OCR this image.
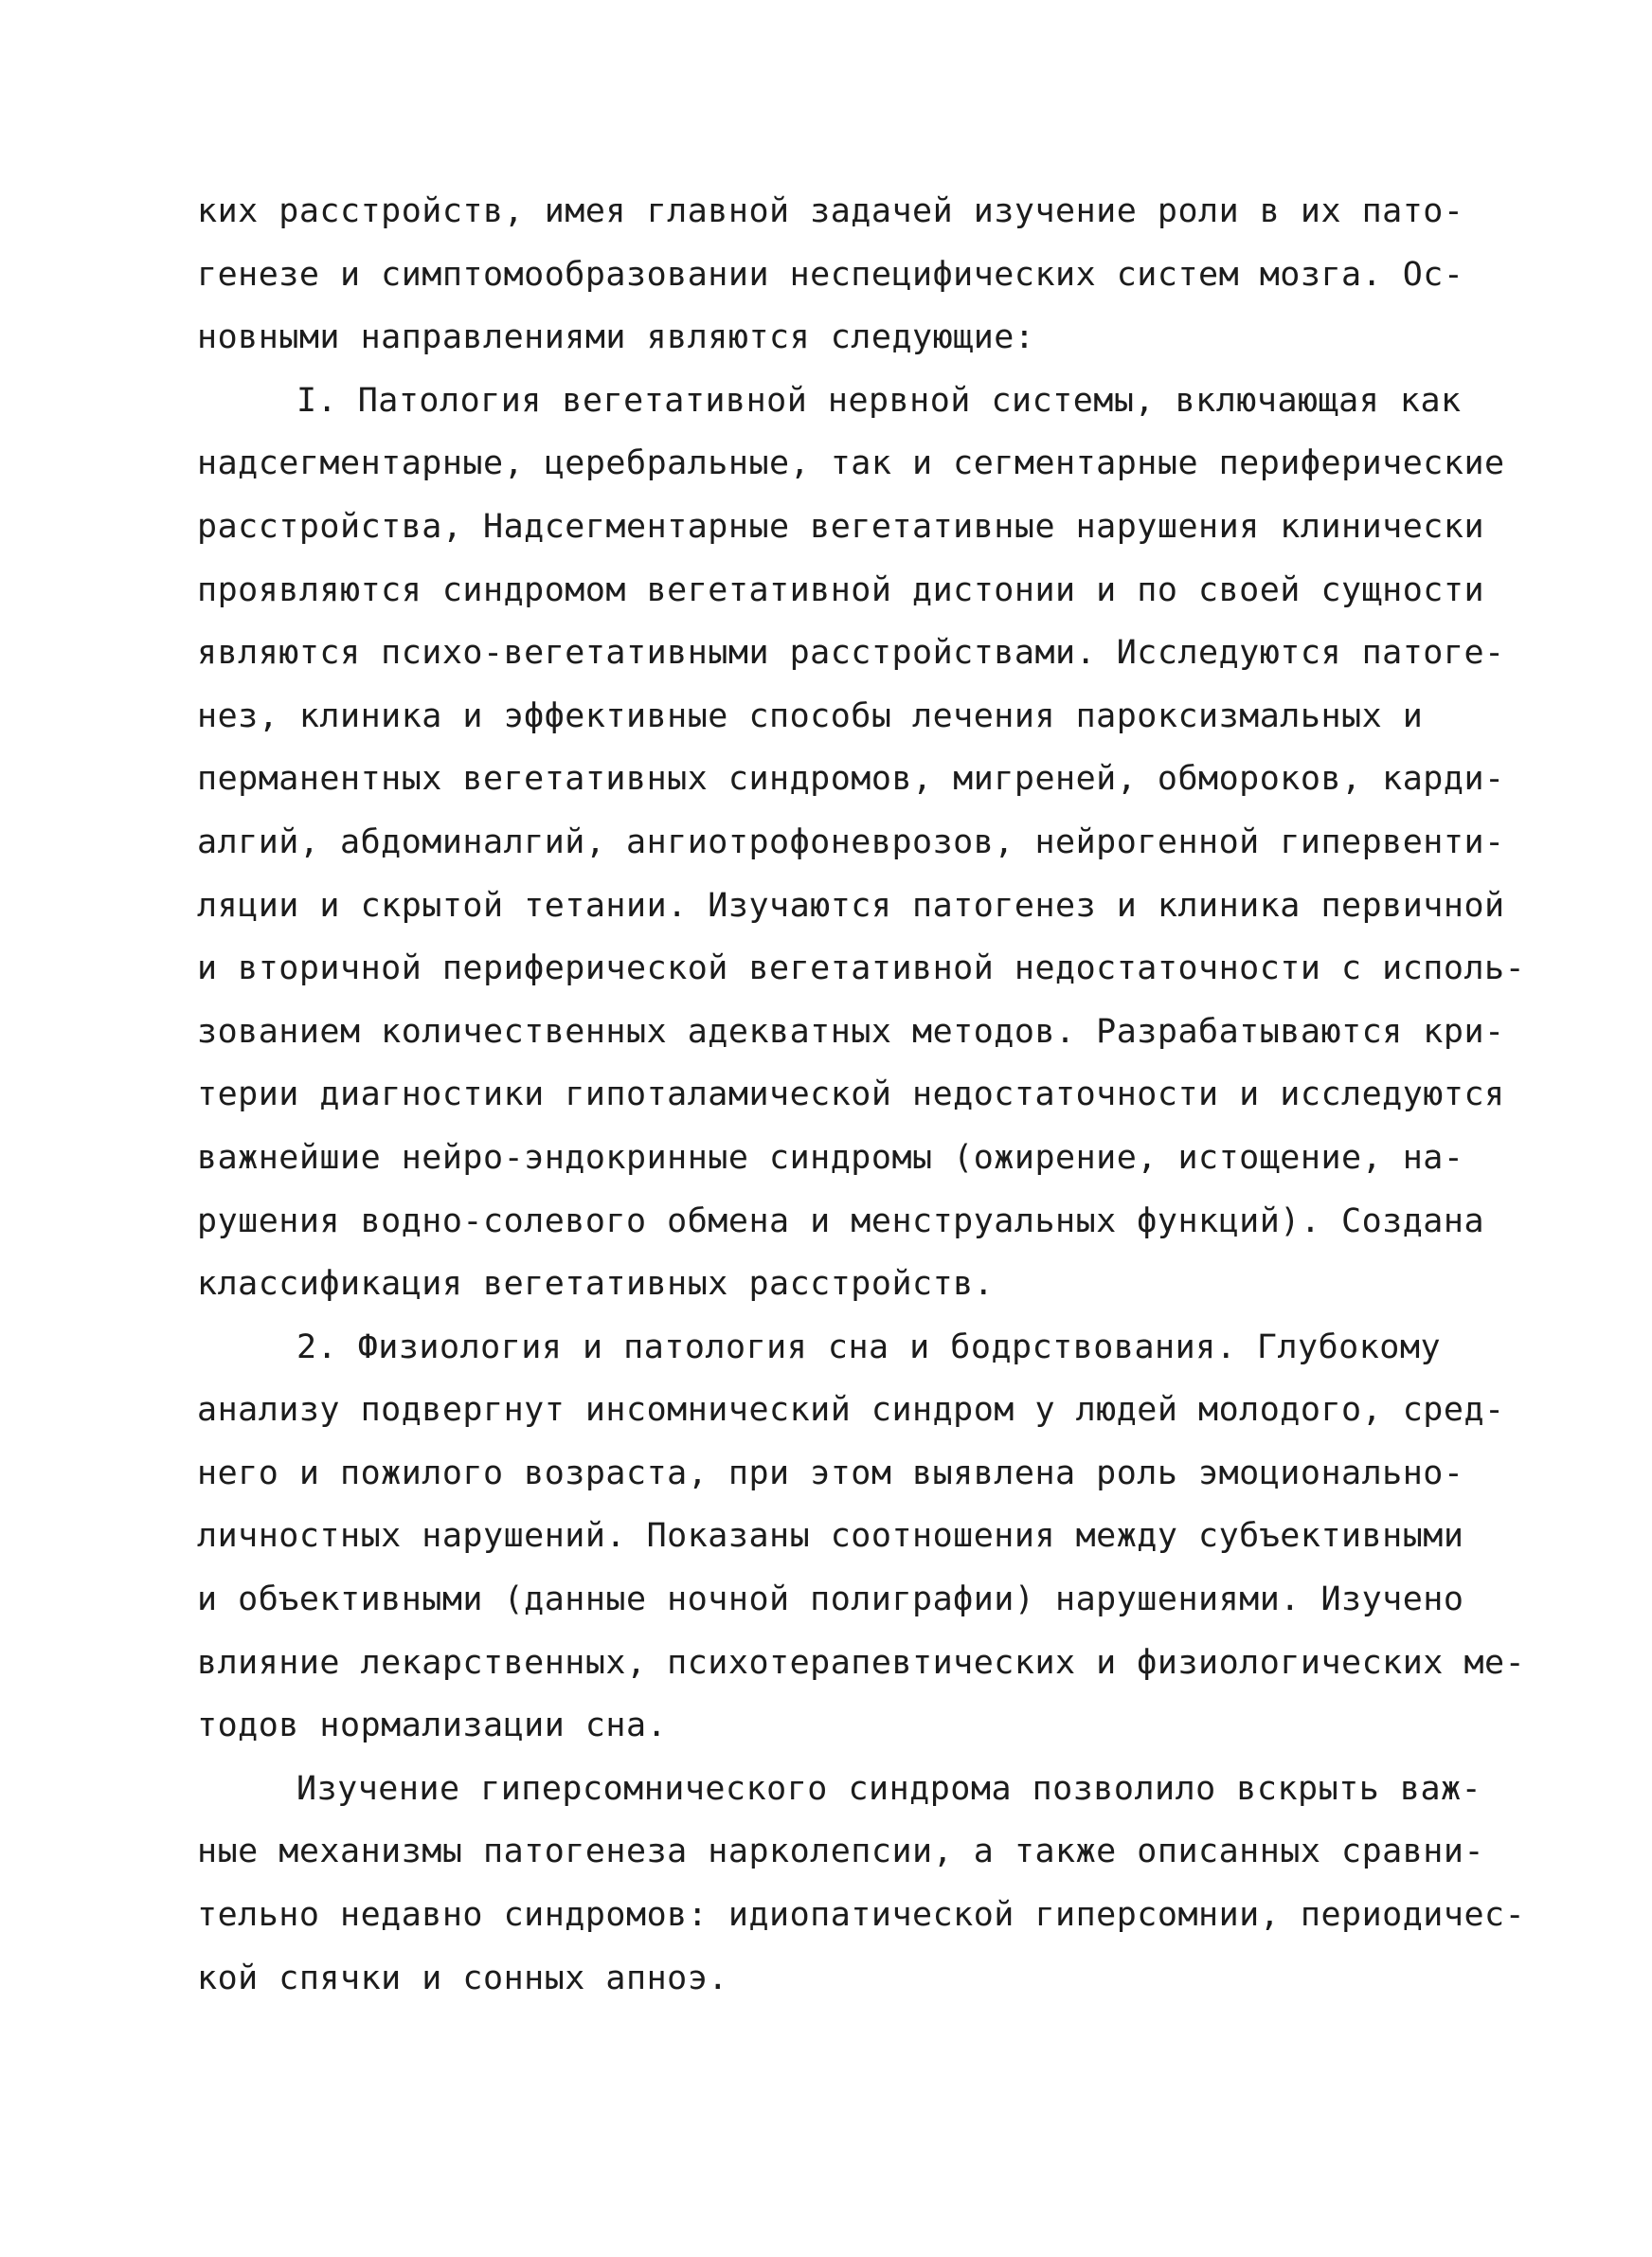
ких расстройств, имея главной задачей изучение роли в их пато-
генезе и симптомообразовании неспецифических систем мозга. Ос-
новными направлениями являются следующие:
I. Патология вегетативной нервной системы, включающая как
надсегментарные, церебральные, так и сегментарные периферические
расстройства, Надсегментарные вегетативные нарушения клинически
проявляются синдромом вегетативной дистонии и по своей сущности
являются психо-вегетативными расстройствами. Исследуются патоге-
нез, клиника и эффективные способы лечения пароксизмальных и
перманентных вегетативных синдромов, мигреней, обмороков, карди-
алгий, абдоминалгий, ангиотрофоневрозов, нейрогенной гипервенти-
ляции и скрытой тетании. Изучаются патогенез и клиника первичной
и вторичной периферической вегетативной недостаточности с исполь-
зованием количественных адекватных методов. Разрабатываются кри-
терии диагностики гипоталамической недостаточности и исследуются
важнейшие нейро-эндокринные синдромы (ожирение, истощение, на-
рушения водно-солевого обмена и менструальных функций). Создана
классификация вегетативных расстройств.
2. Физиология и патология сна и бодрствования. Глубокому
анализу подвергнут инсомнический синдром у людей молодого, сред-
него и пожилого возраста, при этом выявлена роль эмоционально-
личностных нарушений. Показаны соотношения между субъективными
и объективными (данные ночной полиграфии) нарушениями. Изучено
влияние лекарственных, психотерапевтических и физиологических ме-
тодов нормализации сна.
Изучение гиперсомнического синдрома позволило вскрыть важ-
ные механизмы патогенеза нарколепсии, а также описанных сравни-
тельно недавно синдромов: идиопатической гиперсомнии, периодичес-
кой спячки и сонных апноэ.
